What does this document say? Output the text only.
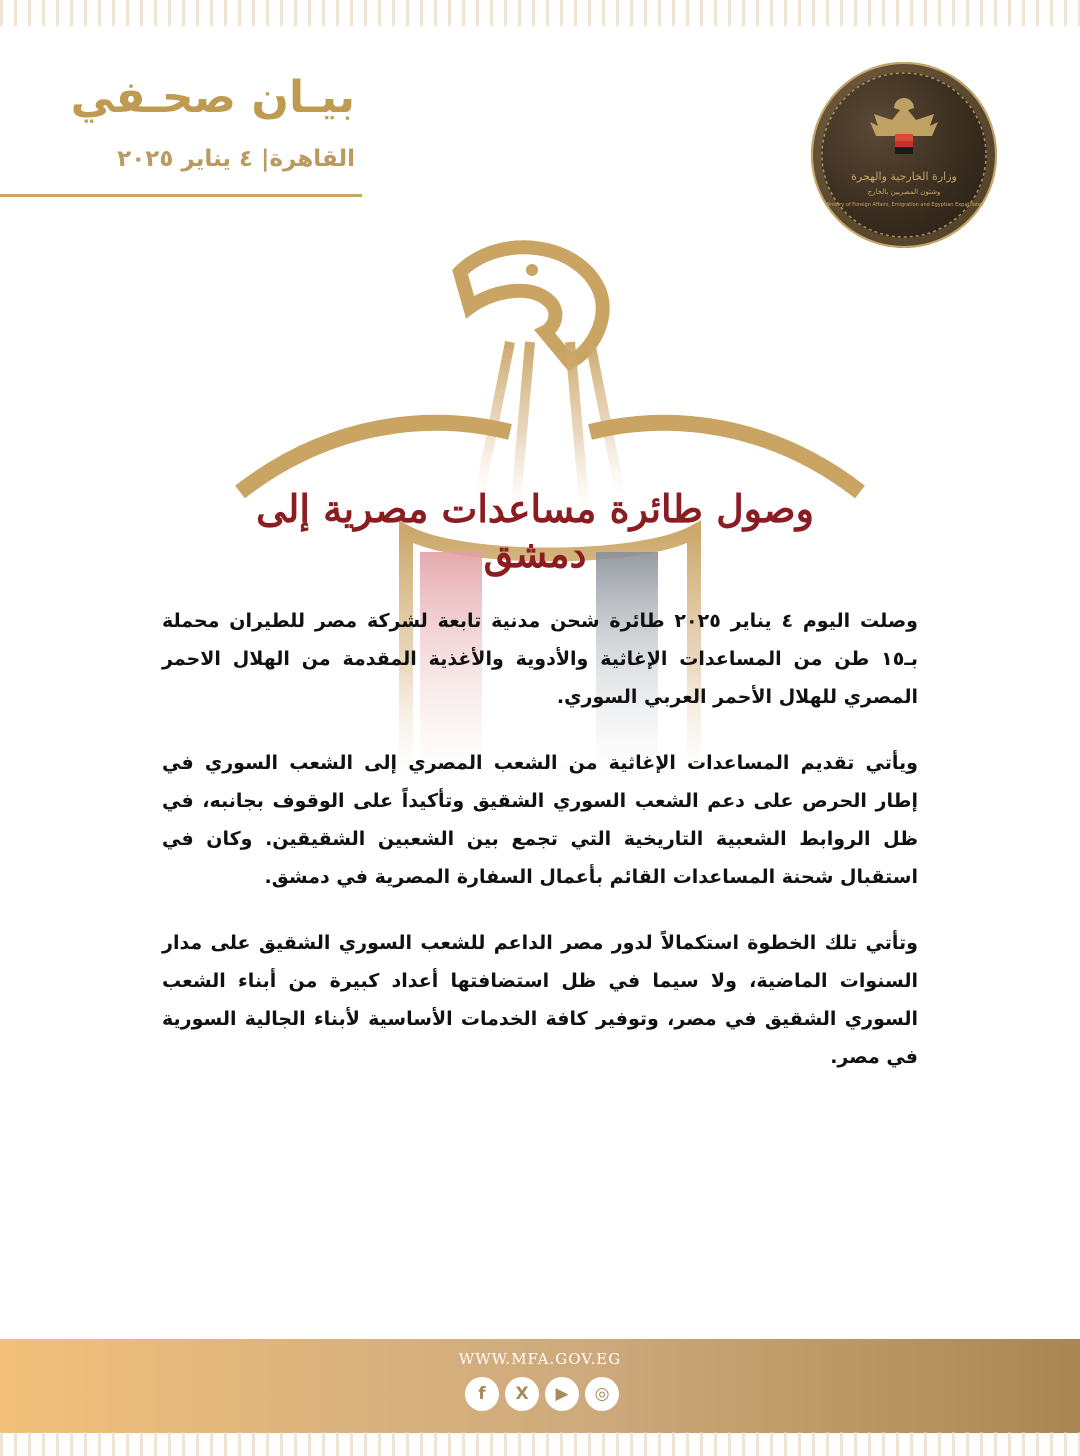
بيـان صحـفي
القاهرة| ٤ يناير ٢٠٢٥
وزارة الخارجية والهجرة
وشئون المصريين بالخارج
Ministry of Foreign Affairs, Emigration and Egyptian Expatriates
وصول طائرة مساعدات مصرية إلى دمشق

وصلت اليوم ٤ يناير ٢٠٢٥ طائرة شحن مدنية تابعة لشركة مصر للطيران محملة بـ١٥ طن من المساعدات الإغاثية والأدوية والأغذية المقدمة من الهلال الاحمر المصري للهلال الأحمر العربي السوري.

ويأتي تقديم المساعدات الإغاثية من الشعب المصري إلى الشعب السوري في إطار الحرص على دعم الشعب السوري الشقيق وتأكيداً على الوقوف بجانبه، في ظل الروابط الشعبية التاريخية التي تجمع بين الشعبين الشقيقين. وكان في استقبال شحنة المساعدات القائم بأعمال السفارة المصرية في دمشق.

وتأتي تلك الخطوة استكمالاً لدور مصر الداعم للشعب السوري الشقيق على مدار السنوات الماضية، ولا سيما في ظل استضافتها أعداد كبيرة من أبناء الشعب السوري الشقيق في مصر، وتوفير كافة الخدمات الأساسية لأبناء الجالية السورية في مصر.

WWW.MFA.GOV.EG
f	X	▶	◎
